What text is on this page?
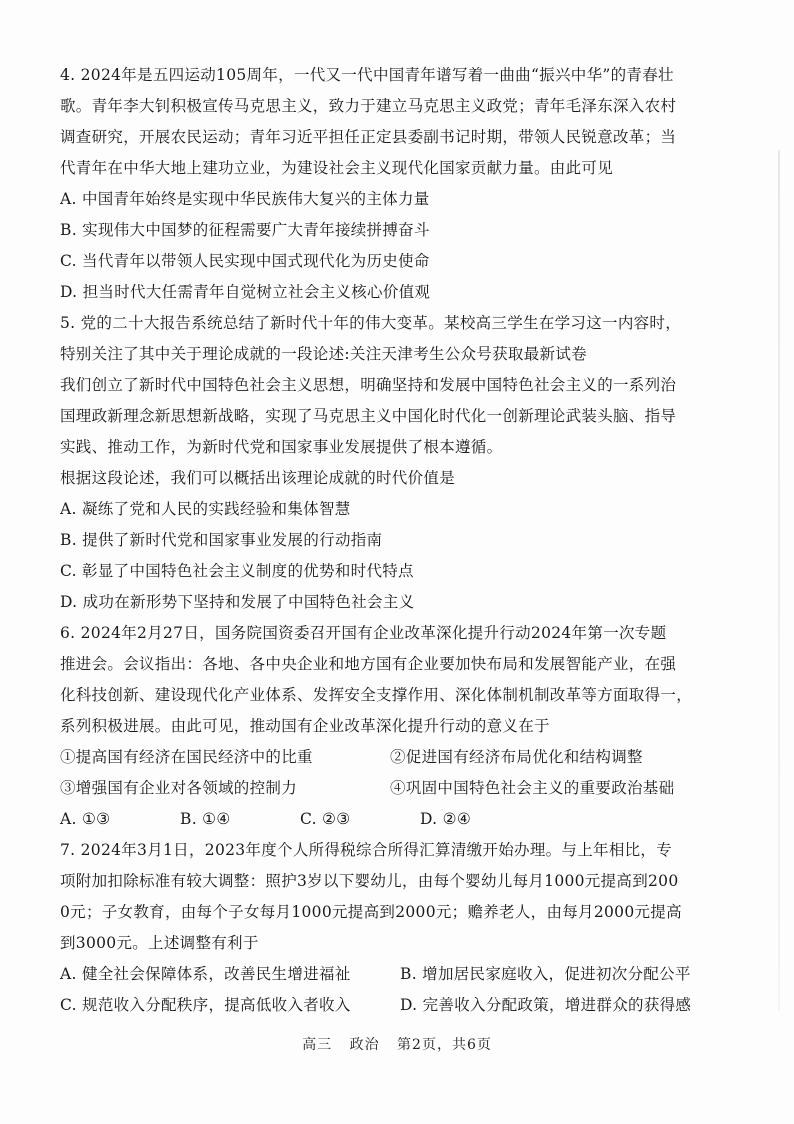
4. 2024年是五四运动105周年，一代又一代中国青年谱写着一曲曲“振兴中华”的青春壮
歌。青年李大钊积极宣传马克思主义，致力于建立马克思主义政党；青年毛泽东深入农村
调查研究，开展农民运动；青年习近平担任正定县委副书记时期，带领人民锐意改革；当
代青年在中华大地上建功立业，为建设社会主义现代化国家贡献力量。由此可见
A. 中国青年始终是实现中华民族伟大复兴的主体力量
B. 实现伟大中国梦的征程需要广大青年接续拼搏奋斗
C. 当代青年以带领人民实现中国式现代化为历史使命
D. 担当时代大任需青年自觉树立社会主义核心价值观
5. 党的二十大报告系统总结了新时代十年的伟大变革。某校高三学生在学习这一内容时，
特别关注了其中关于理论成就的一段论述:关注天津考生公众号获取最新试卷
我们创立了新时代中国特色社会主义思想，明确坚持和发展中国特色社会主义的一系列治
国理政新理念新思想新战略，实现了马克思主义中国化时代化一创新理论武装头脑、指导
实践、推动工作，为新时代党和国家事业发展提供了根本遵循。
根据这段论述，我们可以概括出该理论成就的时代价值是
A. 凝练了党和人民的实践经验和集体智慧
B. 提供了新时代党和国家事业发展的行动指南
C. 彰显了中国特色社会主义制度的优势和时代特点
D. 成功在新形势下坚持和发展了中国特色社会主义
6. 2024年2月27日，国务院国资委召开国有企业改革深化提升行动2024年第一次专题
推进会。会议指出：各地、各中央企业和地方国有企业要加快布局和发展智能产业，在强
化科技创新、建设现代化产业体系、发挥安全支撑作用、深化体制机制改革等方面取得一，
系列积极进展。由此可见，推动国有企业改革深化提升行动的意义在于
①提高国有经济在国民经济中的比重	②促进国有经济布局优化和结构调整
③增强国有企业对各领域的控制力	④巩固中国特色社会主义的重要政治基础
A. ①③	B. ①④	C. ②③	D. ②④
7. 2024年3月1日，2023年度个人所得税综合所得汇算清缴开始办理。与上年相比，专
项附加扣除标准有较大调整：照护3岁以下婴幼儿，由每个婴幼儿每月1000元提高到200
0元；子女教育，由每个子女每月1000元提高到2000元；赡养老人，由每月2000元提高
到3000元。上述调整有利于
A. 健全社会保障体系，改善民生增进福祉	B. 增加居民家庭收入，促进初次分配公平
C. 规范收入分配秩序，提高低收入者收入	D. 完善收入分配政策，增进群众的获得感
高三 政治 第2页，共6页
